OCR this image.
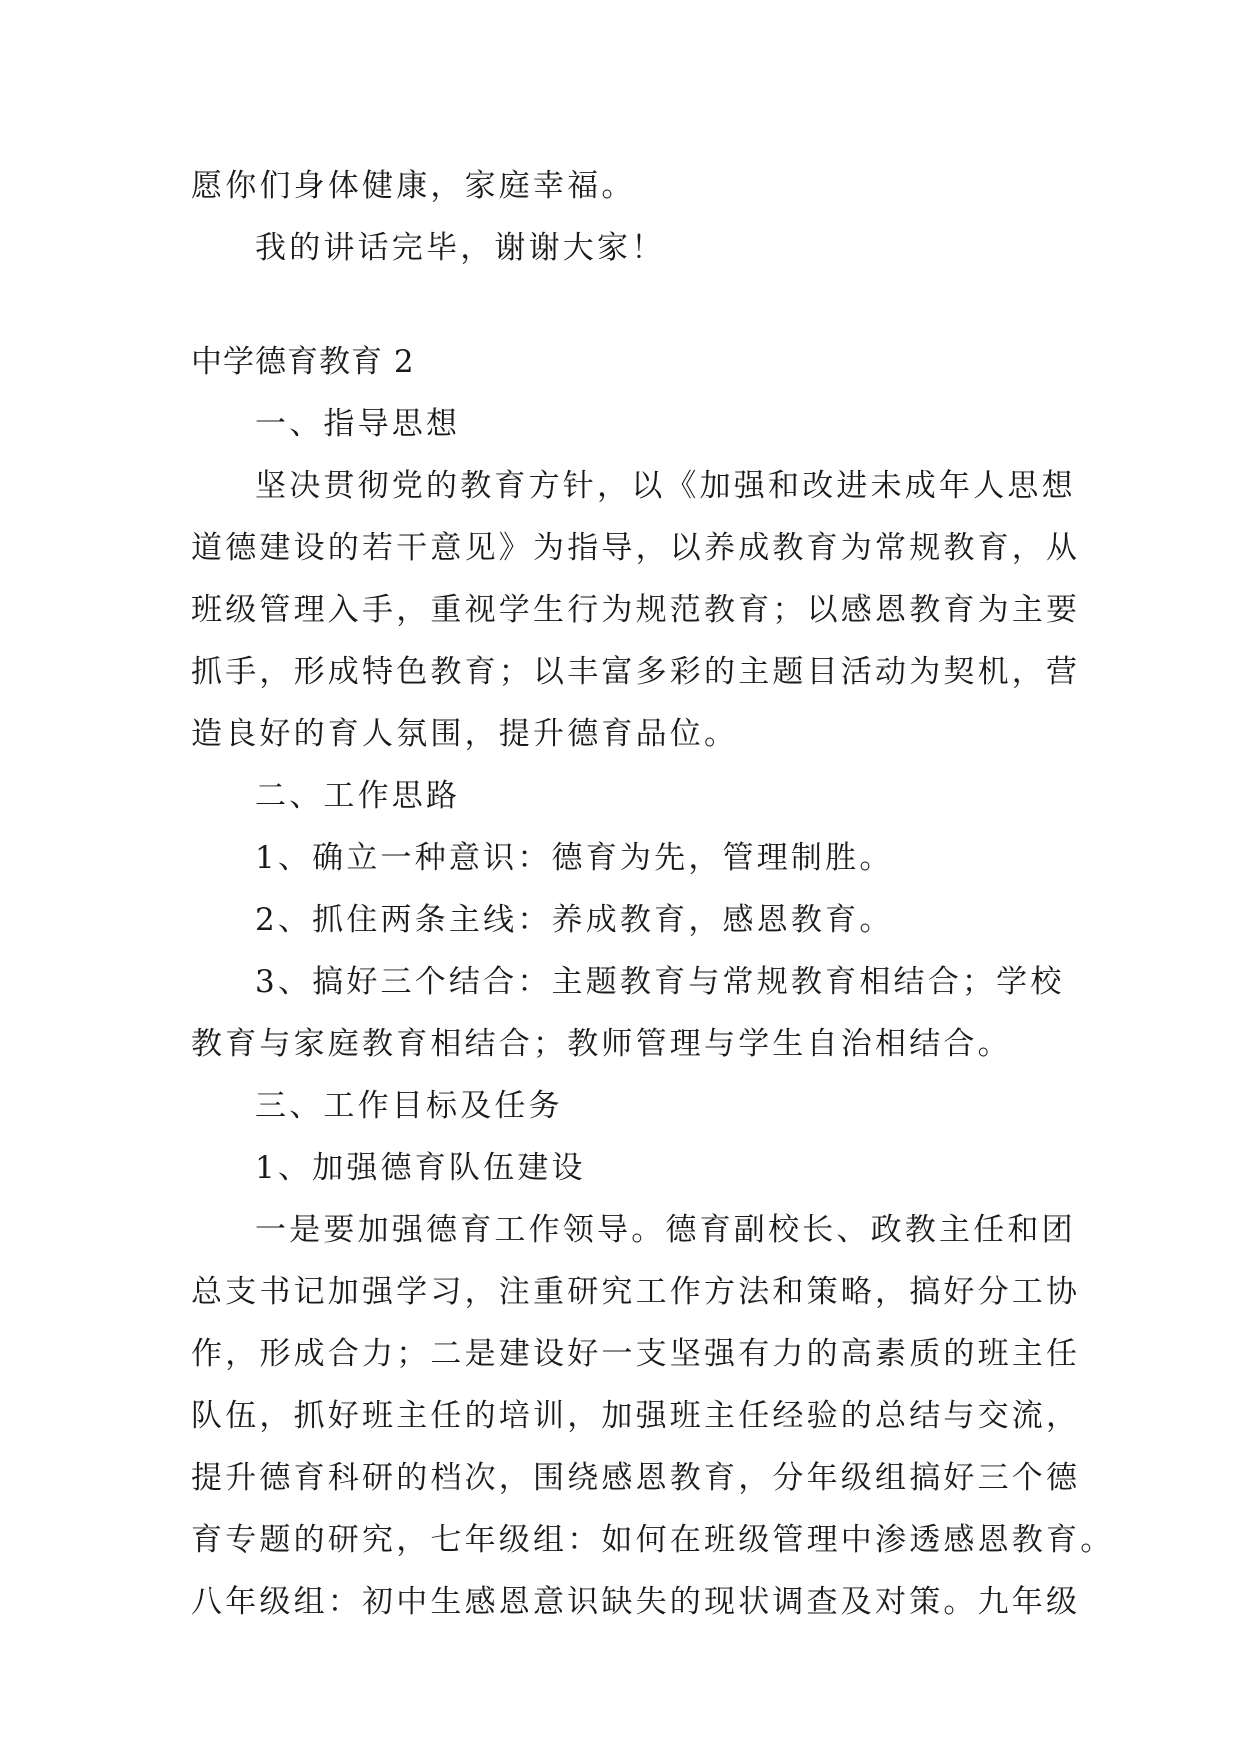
愿你们身体健康，家庭幸福。
我的讲话完毕，谢谢大家！
中学德育教育 2
一、指导思想
坚决贯彻党的教育方针，以《加强和改进未成年人思想
道德建设的若干意见》为指导，以养成教育为常规教育，从
班级管理入手，重视学生行为规范教育；以感恩教育为主要
抓手，形成特色教育；以丰富多彩的主题目活动为契机，营
造良好的育人氛围，提升德育品位。
二、工作思路
1、确立一种意识：德育为先，管理制胜。
2、抓住两条主线：养成教育，感恩教育。
3、搞好三个结合：主题教育与常规教育相结合；学校
教育与家庭教育相结合；教师管理与学生自治相结合。
三、工作目标及任务
1、加强德育队伍建设
一是要加强德育工作领导。德育副校长、政教主任和团
总支书记加强学习，注重研究工作方法和策略，搞好分工协
作，形成合力；二是建设好一支坚强有力的高素质的班主任
队伍，抓好班主任的培训，加强班主任经验的总结与交流，
提升德育科研的档次，围绕感恩教育，分年级组搞好三个德
育专题的研究，七年级组：如何在班级管理中渗透感恩教育。
八年级组：初中生感恩意识缺失的现状调查及对策。九年级
